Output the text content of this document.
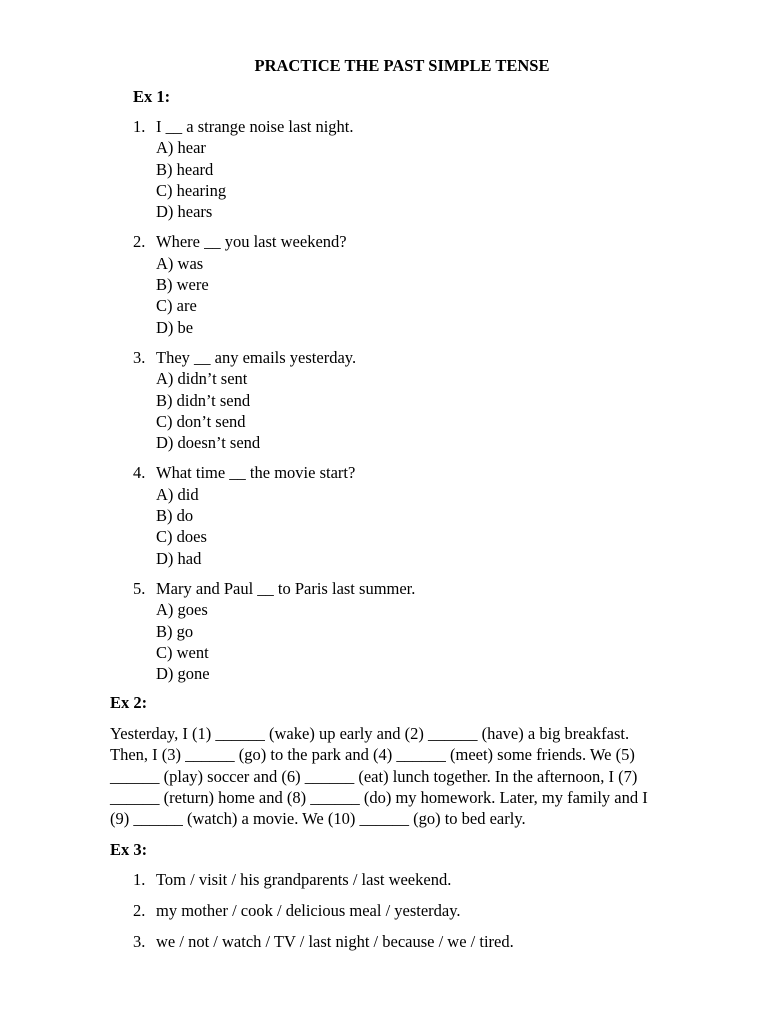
PRACTICE THE PAST SIMPLE TENSE
Ex 1:
1. I __ a strange noise last night.
A) hear
B) heard
C) hearing
D) hears
2. Where __ you last weekend?
A) was
B) were
C) are
D) be
3. They __ any emails yesterday.
A) didn’t sent
B) didn’t send
C) don’t send
D) doesn’t send
4. What time __ the movie start?
A) did
B) do
C) does
D) had
5. Mary and Paul __ to Paris last summer.
A) goes
B) go
C) went
D) gone
Ex 2:
Yesterday, I (1) ______ (wake) up early and (2) ______ (have) a big breakfast.
Then, I (3) ______ (go) to the park and (4) ______ (meet) some friends. We (5)
______ (play) soccer and (6) ______ (eat) lunch together. In the afternoon, I (7)
______ (return) home and (8) ______ (do) my homework. Later, my family and I
(9) ______ (watch) a movie. We (10) ______ (go) to bed early.
Ex 3:
1. Tom / visit / his grandparents / last weekend.
2. my mother / cook / delicious meal / yesterday.
3. we / not / watch / TV / last night / because / we / tired.
